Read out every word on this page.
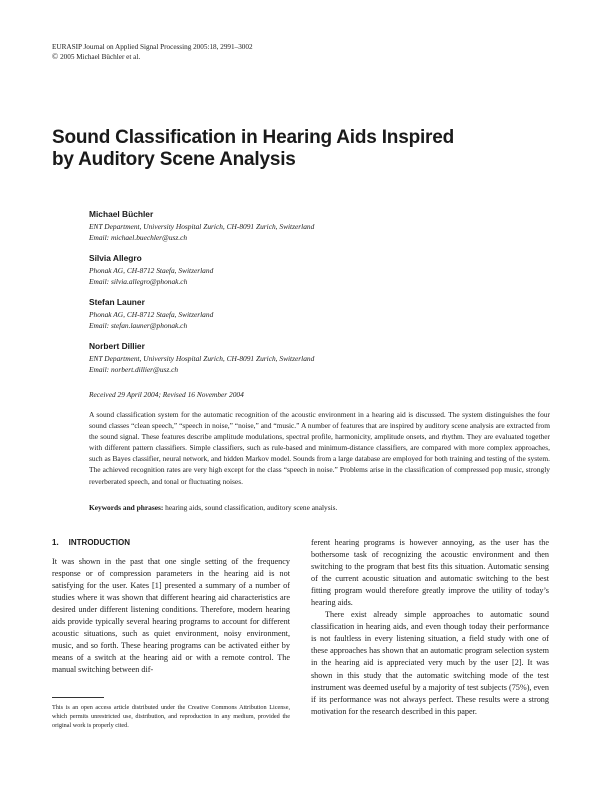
EURASIP Journal on Applied Signal Processing 2005:18, 2991–3002
© 2005 Michael Büchler et al.
Sound Classification in Hearing Aids Inspired
by Auditory Scene Analysis
Michael Büchler
ENT Department, University Hospital Zurich, CH-8091 Zurich, Switzerland
Email: michael.buechler@usz.ch
Silvia Allegro
Phonak AG, CH-8712 Staefa, Switzerland
Email: silvia.allegro@phonak.ch
Stefan Launer
Phonak AG, CH-8712 Staefa, Switzerland
Email: stefan.launer@phonak.ch
Norbert Dillier
ENT Department, University Hospital Zurich, CH-8091 Zurich, Switzerland
Email: norbert.dillier@usz.ch
Received 29 April 2004; Revised 16 November 2004
A sound classification system for the automatic recognition of the acoustic environment in a hearing aid is discussed. The system distinguishes the four sound classes “clean speech,” “speech in noise,” “noise,” and “music.” A number of features that are inspired by auditory scene analysis are extracted from the sound signal. These features describe amplitude modulations, spectral profile, harmonicity, amplitude onsets, and rhythm. They are evaluated together with different pattern classifiers. Simple classifiers, such as rule-based and minimum-distance classifiers, are compared with more complex approaches, such as Bayes classifier, neural network, and hidden Markov model. Sounds from a large database are employed for both training and testing of the system. The achieved recognition rates are very high except for the class “speech in noise.” Problems arise in the classification of compressed pop music, strongly reverberated speech, and tonal or fluctuating noises.
Keywords and phrases: hearing aids, sound classification, auditory scene analysis.
1. INTRODUCTION

It was shown in the past that one single setting of the frequency response or of compression parameters in the hearing aid is not satisfying for the user. Kates [1] presented a summary of a number of studies where it was shown that different hearing aid characteristics are desired under different listening conditions. Therefore, modern hearing aids provide typically several hearing programs to account for different acoustic situations, such as quiet environment, noisy environment, music, and so forth. These hearing programs can be activated either by means of a switch at the hearing aid or with a remote control. The manual switching between dif-

ferent hearing programs is however annoying, as the user has the bothersome task of recognizing the acoustic environment and then switching to the program that best fits this situation. Automatic sensing of the current acoustic situation and automatic switching to the best fitting program would therefore greatly improve the utility of today’s hearing aids.

There exist already simple approaches to automatic sound classification in hearing aids, and even though today their performance is not faultless in every listening situation, a field study with one of these approaches has shown that an automatic program selection system in the hearing aid is appreciated very much by the user [2]. It was shown in this study that the automatic switching mode of the test instrument was deemed useful by a majority of test subjects (75%), even if its performance was not always perfect. These results were a strong motivation for the research described in this paper.

This is an open access article distributed under the Creative Commons Attribution License, which permits unrestricted use, distribution, and reproduction in any medium, provided the original work is properly cited.
